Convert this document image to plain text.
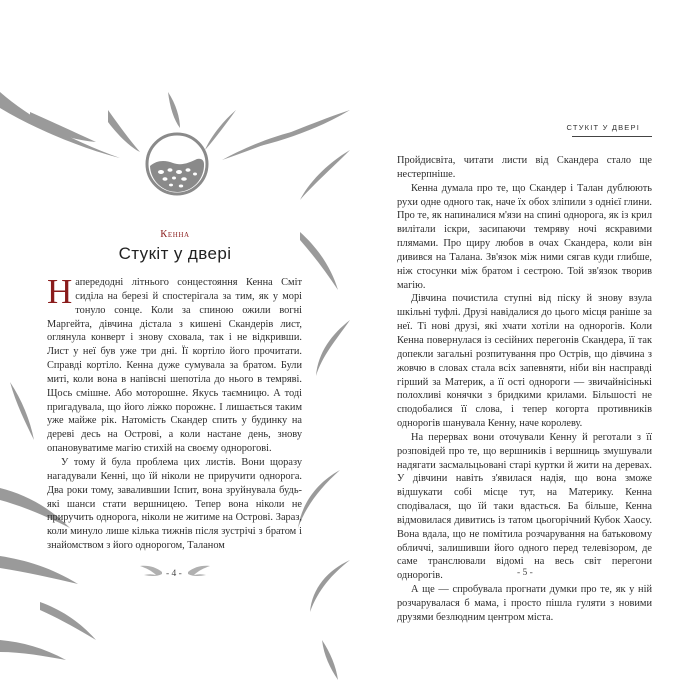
Кенна
Стукіт у двері

Напередодні літнього сонцестояння Кенна Сміт сиділа на березі й спостерігала за тим, як у морі тонуло сонце. Коли за спиною ожили вогні Маргейта, дівчина дістала з кишені Скандерів лист, оглянула конверт і знову сховала, так і не відкривши. Лист у неї був уже три дні. Її кортіло його прочитати. Справді кортіло. Кенна дуже сумувала за братом. Були миті, коли вона в напівсні шепотіла до нього в темряві. Щось смішне. Або моторошне. Якусь таємницю. А тоді пригадувала, що його ліжко порожнє. І лишається таким уже майже рік. Натомість Скандер спить у будинку на дереві десь на Острові, а коли настане день, знову опановуватиме магію стихій на своєму однорогові.

У тому й була проблема цих листів. Вони щоразу нагадували Кенні, що їй ніколи не приручити однорога. Два роки тому, завалившии Іспит, вона зруйнувала будь-які шанси стати вершницею. Тепер вона ніколи не приручить однорога, ніколи не житиме на Острові. Зараз, коли минуло лише кілька тижнів після зустрічі з братом і знайомством з його однорогом, Таланом

- 4 -
СТУКІТ У ДВЕРІ

Пройдисвіта, читати листи від Скандера стало ще нестерпніше.

Кенна думала про те, що Скандер і Талан дублюють рухи одне одного так, наче їх обох зліпили з однієї глини. Про те, як напиналися м'язи на спині однорога, як із крил вилітали іскри, засипаючи темряву ночі яскравими плямами. Про щиру любов в очах Скандера, коли він дивився на Талана. Зв'язок між ними сягав куди глибше, ніж стосунки між братом і сестрою. Той зв'язок творив магію.

Дівчина почистила ступні від піску й знову взула шкільні туфлі. Друзі навідалися до цього місця раніше за неї. Ті нові друзі, які хчати хотіли на однорогів. Коли Кенна повернулася із сесійних перегонів Скандера, її так допекли загальні розпитування про Острів, що дівчина з жовчю в словах стала всіх запевняти, ніби він насправді гірший за Материк, а її ості однороги — звичайнісінькі полохливі конячки з бридкими крилами. Більшості не сподобалися її слова, і тепер когорта противників однорогів шанувала Кенну, наче королеву.

На перервах вони оточували Кенну й реготали з її розповідей про те, що вершників і вершниць змушували надягати засмальцьовані старі куртки й жити на деревах. У дівчини навіть з'явилася надія, що вона зможе відшукати собі місце тут, на Материку. Кенна сподівалася, що їй таки вдасться. Ба більше, Кенна відмовилася дивитись із татом цьогорічний Кубок Хаосу. Вона вдала, що не помітила розчарування на батьковому обличчі, залишивши його одного перед телевізором, де саме транслювали відомі на весь світ перегони однорогів.

А ще — спробувала прогнати думки про те, як у ній розчарувалася б мама, і просто пішла гуляти з новими друзями безлюдним центром міста.

- 5 -
